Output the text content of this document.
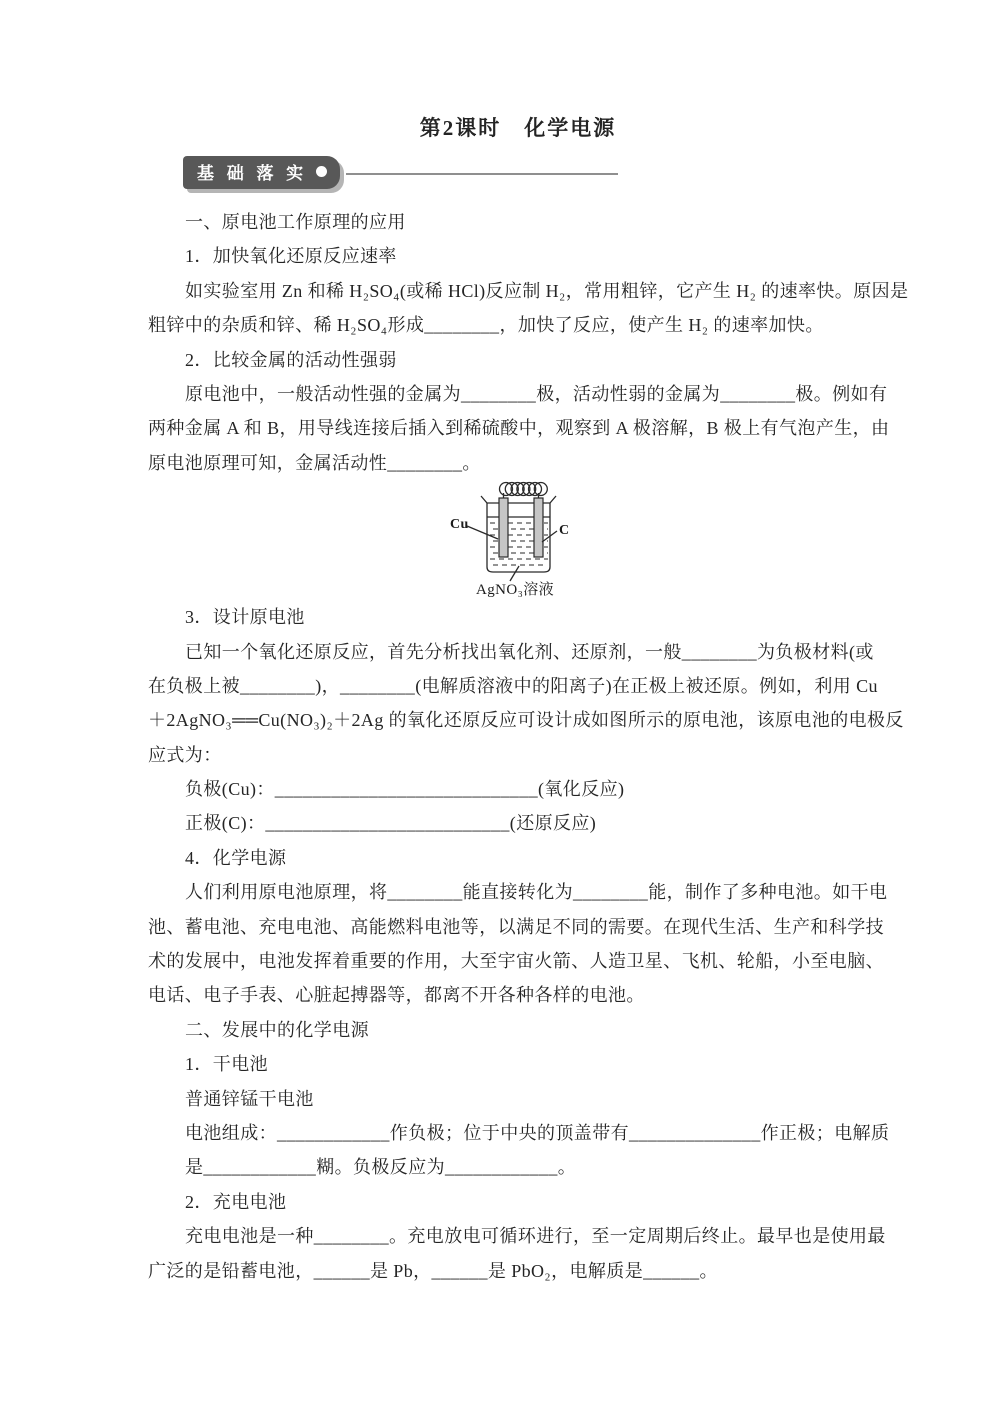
第2课时　化学电源
基 础 落 实
一、原电池工作原理的应用
1．加快氧化还原反应速率
如实验室用 Zn 和稀 H₂SO₄(或稀 HCl)反应制 H₂，常用粗锌，它产生 H₂ 的速率快。原因是
粗锌中的杂质和锌、稀 H₂SO₄形成________，加快了反应，使产生 H₂ 的速率加快。
2．比较金属的活动性强弱
原电池中，一般活动性强的金属为________极，活动性弱的金属为________极。例如有
两种金属 A 和 B，用导线连接后插入到稀硫酸中，观察到 A 极溶解，B 极上有气泡产生，由
原电池原理可知，金属活动性________。
Cu	C
AgNO₃溶液
3．设计原电池
已知一个氧化还原反应，首先分析找出氧化剂、还原剂，一般________为负极材料(或
在负极上被________)，________(电解质溶液中的阳离子)在正极上被还原。例如，利用 Cu
＋2AgNO₃══Cu(NO₃)₂＋2Ag 的氧化还原反应可设计成如图所示的原电池，该原电池的电极反
应式为：
负极(Cu)：____________________________(氧化反应)
正极(C)：__________________________(还原反应)
4．化学电源
人们利用原电池原理，将________能直接转化为________能，制作了多种电池。如干电
池、蓄电池、充电电池、高能燃料电池等，以满足不同的需要。在现代生活、生产和科学技
术的发展中，电池发挥着重要的作用，大至宇宙火箭、人造卫星、飞机、轮船，小至电脑、
电话、电子手表、心脏起搏器等，都离不开各种各样的电池。
二、发展中的化学电源
1．干电池
普通锌锰干电池
电池组成：____________作负极；位于中央的顶盖带有______________作正极；电解质
是____________糊。负极反应为____________。
2．充电电池
充电电池是一种________。充电放电可循环进行，至一定周期后终止。最早也是使用最
广泛的是铅蓄电池，______是 Pb，______是 PbO₂，电解质是______。
